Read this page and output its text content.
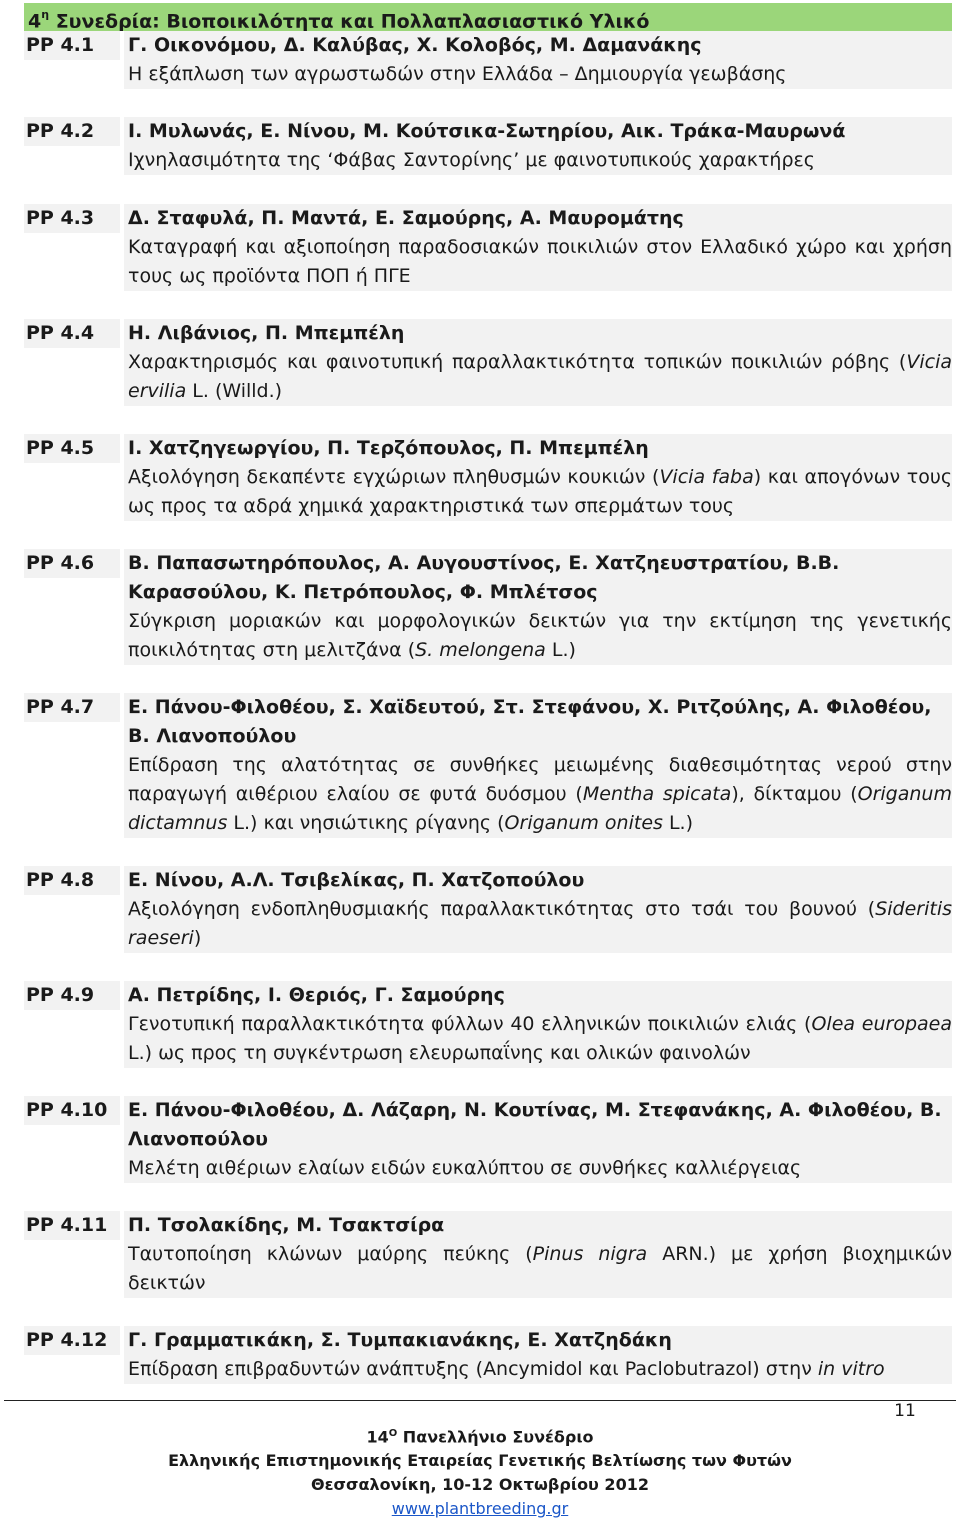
$4^\eta$ Συνεδρία: Βιοποικιλότητα και Πολλαπλασιαστικό Υλικό
PP 4.1	Γ. Οικονόμου, Δ. Καλύβας, Χ. Κολοβός, Μ. Δαμανάκης
Η εξάπλωση των αγρωστωδών στην Ελλάδα – Δημιουργία γεωβάσης
PP 4.2	Ι. Μυλωνάς, Ε. Νίνου, Μ. Κούτσικα-Σωτηρίου, Αικ. Τράκα-Μαυρωνά
Ιχνηλασιμότητα της ‘Φάβας Σαντορίνης’ με φαινοτυπικούς χαρακτήρες
PP 4.3	Δ. Σταφυλά, Π. Μαντά, Ε. Σαμούρης, Α. Μαυρομάτης
Καταγραφή και αξιοποίηση παραδοσιακών ποικιλιών στον Ελλαδικό χώρο και χρήση τους ως προϊόντα ΠΟΠ ή ΠΓΕ
PP 4.4	Η. Λιβάνιος, Π. Μπεμπέλη
Χαρακτηρισμός και φαινοτυπική παραλλακτικότητα τοπικών ποικιλιών ρόβης (Vicia ervilia L. (Willd.)
PP 4.5	Ι. Χατζηγεωργίου, Π. Τερζόπουλος, Π. Μπεμπέλη
Αξιολόγηση δεκαπέντε εγχώριων πληθυσμών κουκιών (Vicia faba) και απογόνων τους ως προς τα αδρά χημικά χαρακτηριστικά των σπερμάτων τους
PP 4.6	Β. Παπασωτηρόπουλος, Α. Αυγουστίνος, Ε. Χατζηευστρατίου, Β.Β. Καρασούλου, Κ. Πετρόπουλος, Φ. Μπλέτσος
Σύγκριση μοριακών και μορφολογικών δεικτών για την εκτίμηση της γενετικής ποικιλότητας στη μελιτζάνα (S. melongena L.)
PP 4.7	Ε. Πάνου-Φιλοθέου, Σ. Χαϊδευτού, Στ. Στεφάνου, Χ. Ριτζούλης, Α. Φιλοθέου, Β. Λιανοπούλου
Επίδραση της αλατότητας σε συνθήκες μειωμένης διαθεσιμότητας νερού στην παραγωγή αιθέριου ελαίου σε φυτά δυόσμου (Mentha spicata), δίκταμου (Origanum dictamnus L.) και νησιώτικης ρίγανης (Origanum onites L.)
PP 4.8	Ε. Νίνου, Α.Λ. Τσιβελίκας, Π. Χατζοπούλου
Αξιολόγηση ενδοπληθυσμιακής παραλλακτικότητας στο τσάι του βουνού (Sideritis raeseri)
PP 4.9	Α. Πετρίδης, Ι. Θεριός, Γ. Σαμούρης
Γενοτυπική παραλλακτικότητα φύλλων 40 ελληνικών ποικιλιών ελιάς (Olea europaea L.) ως προς τη συγκέντρωση ελευρωπαΐνης και ολικών φαινολών
PP 4.10	Ε. Πάνου-Φιλοθέου, Δ. Λάζαρη, Ν. Κουτίνας, Μ. Στεφανάκης, Α. Φιλοθέου, Β. Λιανοπούλου
Μελέτη αιθέριων ελαίων ειδών ευκαλύπτου σε συνθήκες καλλιέργειας
PP 4.11	Π. Τσολακίδης, Μ. Τσακτσίρα
Ταυτοποίηση κλώνων μαύρης πεύκης (Pinus nigra ARN.) με χρήση βιοχημικών δεικτών
PP 4.12	Γ. Γραμματικάκη, Σ. Τυμπακιανάκης, Ε. Χατζηδάκη
Επίδραση επιβραδυντών ανάπτυξης (Ancymidol και Paclobutrazol) στην in vitro
11
$14^O$ Πανελλήνιο Συνέδριο
Ελληνικής Επιστημονικής Εταιρείας Γενετικής Βελτίωσης των Φυτών
Θεσσαλονίκη, 10-12 Οκτωβρίου 2012
www.plantbreeding.gr
